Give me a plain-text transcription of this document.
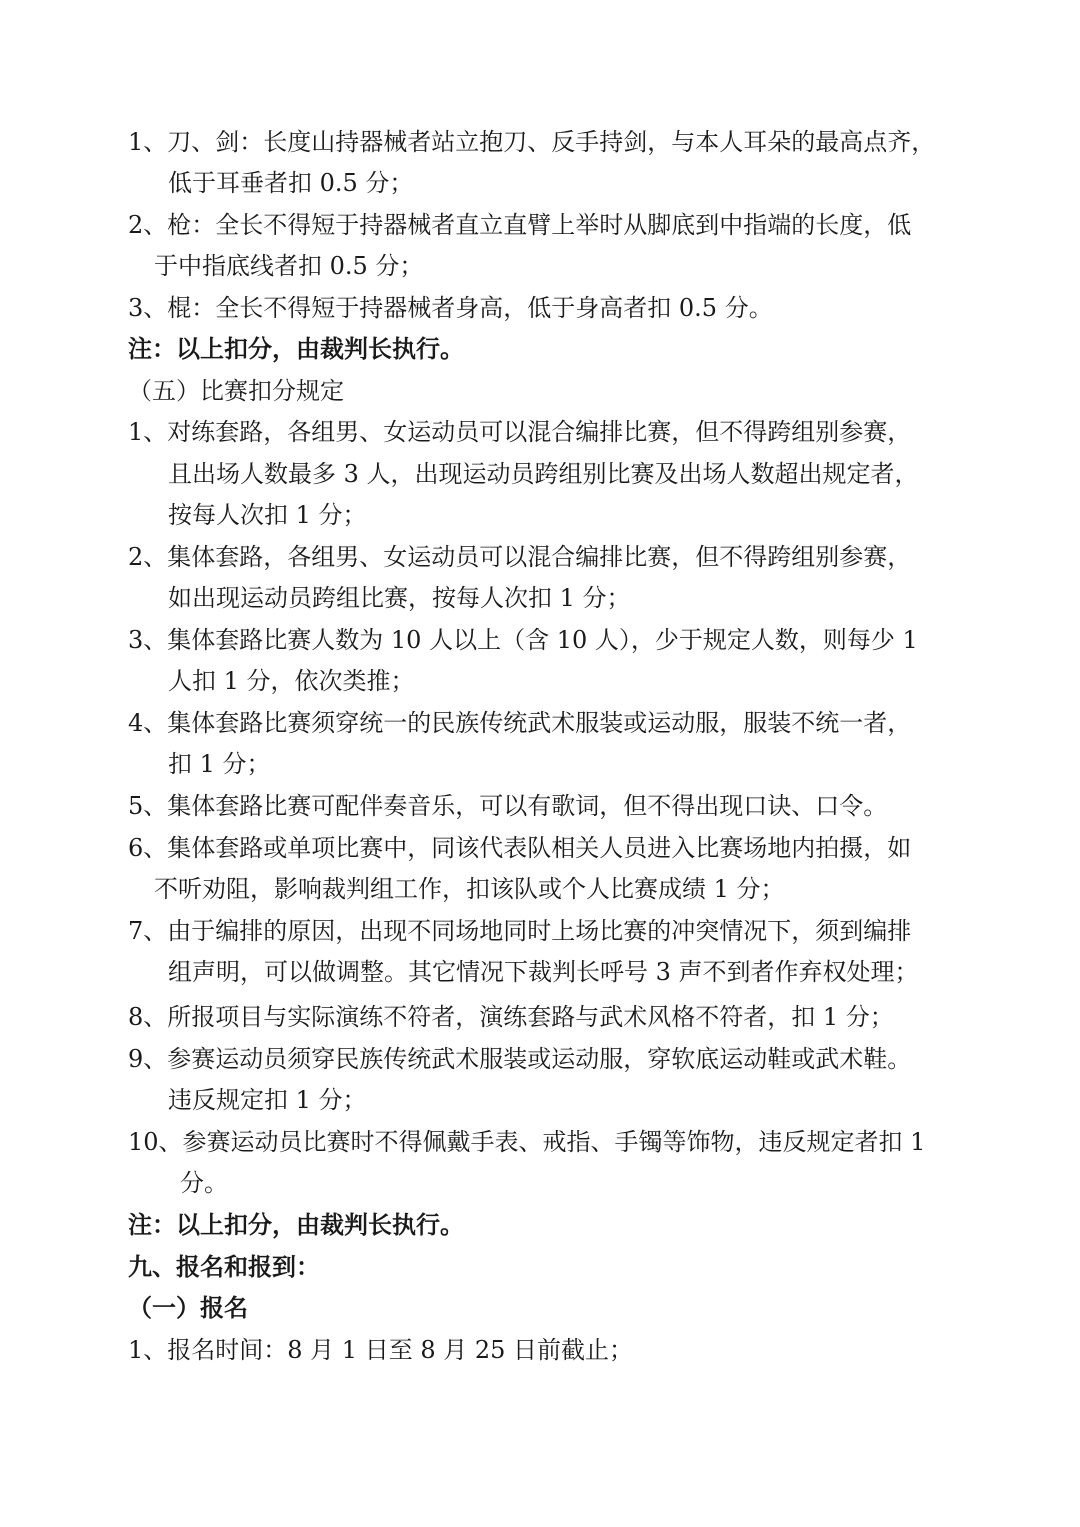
1、刀、剑：长度山持器械者站立抱刀、反手持剑，与本人耳朵的最高点齐，
低于耳垂者扣 0.5 分；
2、枪：全长不得短于持器械者直立直臂上举时从脚底到中指端的长度，低
于中指底线者扣 0.5 分；
3、棍：全长不得短于持器械者身高，低于身高者扣 0.5 分。
注：以上扣分，由裁判长执行。
（五）比赛扣分规定
1、对练套路，各组男、女运动员可以混合编排比赛，但不得跨组别参赛，
且出场人数最多 3 人，出现运动员跨组别比赛及出场人数超出规定者，
按每人次扣 1 分；
2、集体套路，各组男、女运动员可以混合编排比赛，但不得跨组别参赛，
如出现运动员跨组比赛，按每人次扣 1 分；
3、集体套路比赛人数为 10 人以上（含 10 人），少于规定人数，则每少 1
人扣 1 分，依次类推；
4、集体套路比赛须穿统一的民族传统武术服装或运动服，服装不统一者，
扣 1 分；
5、集体套路比赛可配伴奏音乐，可以有歌词，但不得出现口诀、口令。
6、集体套路或单项比赛中，同该代表队相关人员进入比赛场地内拍摄，如
不听劝阻，影响裁判组工作，扣该队或个人比赛成绩 1 分；
7、由于编排的原因，出现不同场地同时上场比赛的冲突情况下，须到编排
组声明，可以做调整。其它情况下裁判长呼号 3 声不到者作弃权处理；
8、所报项目与实际演练不符者，演练套路与武术风格不符者，扣 1 分；
9、参赛运动员须穿民族传统武术服装或运动服，穿软底运动鞋或武术鞋。
违反规定扣 1 分；
10、参赛运动员比赛时不得佩戴手表、戒指、手镯等饰物，违反规定者扣 1
分。
注：以上扣分，由裁判长执行。
九、报名和报到：
（一）报名
1、报名时间：8 月 1 日至 8 月 25 日前截止；
